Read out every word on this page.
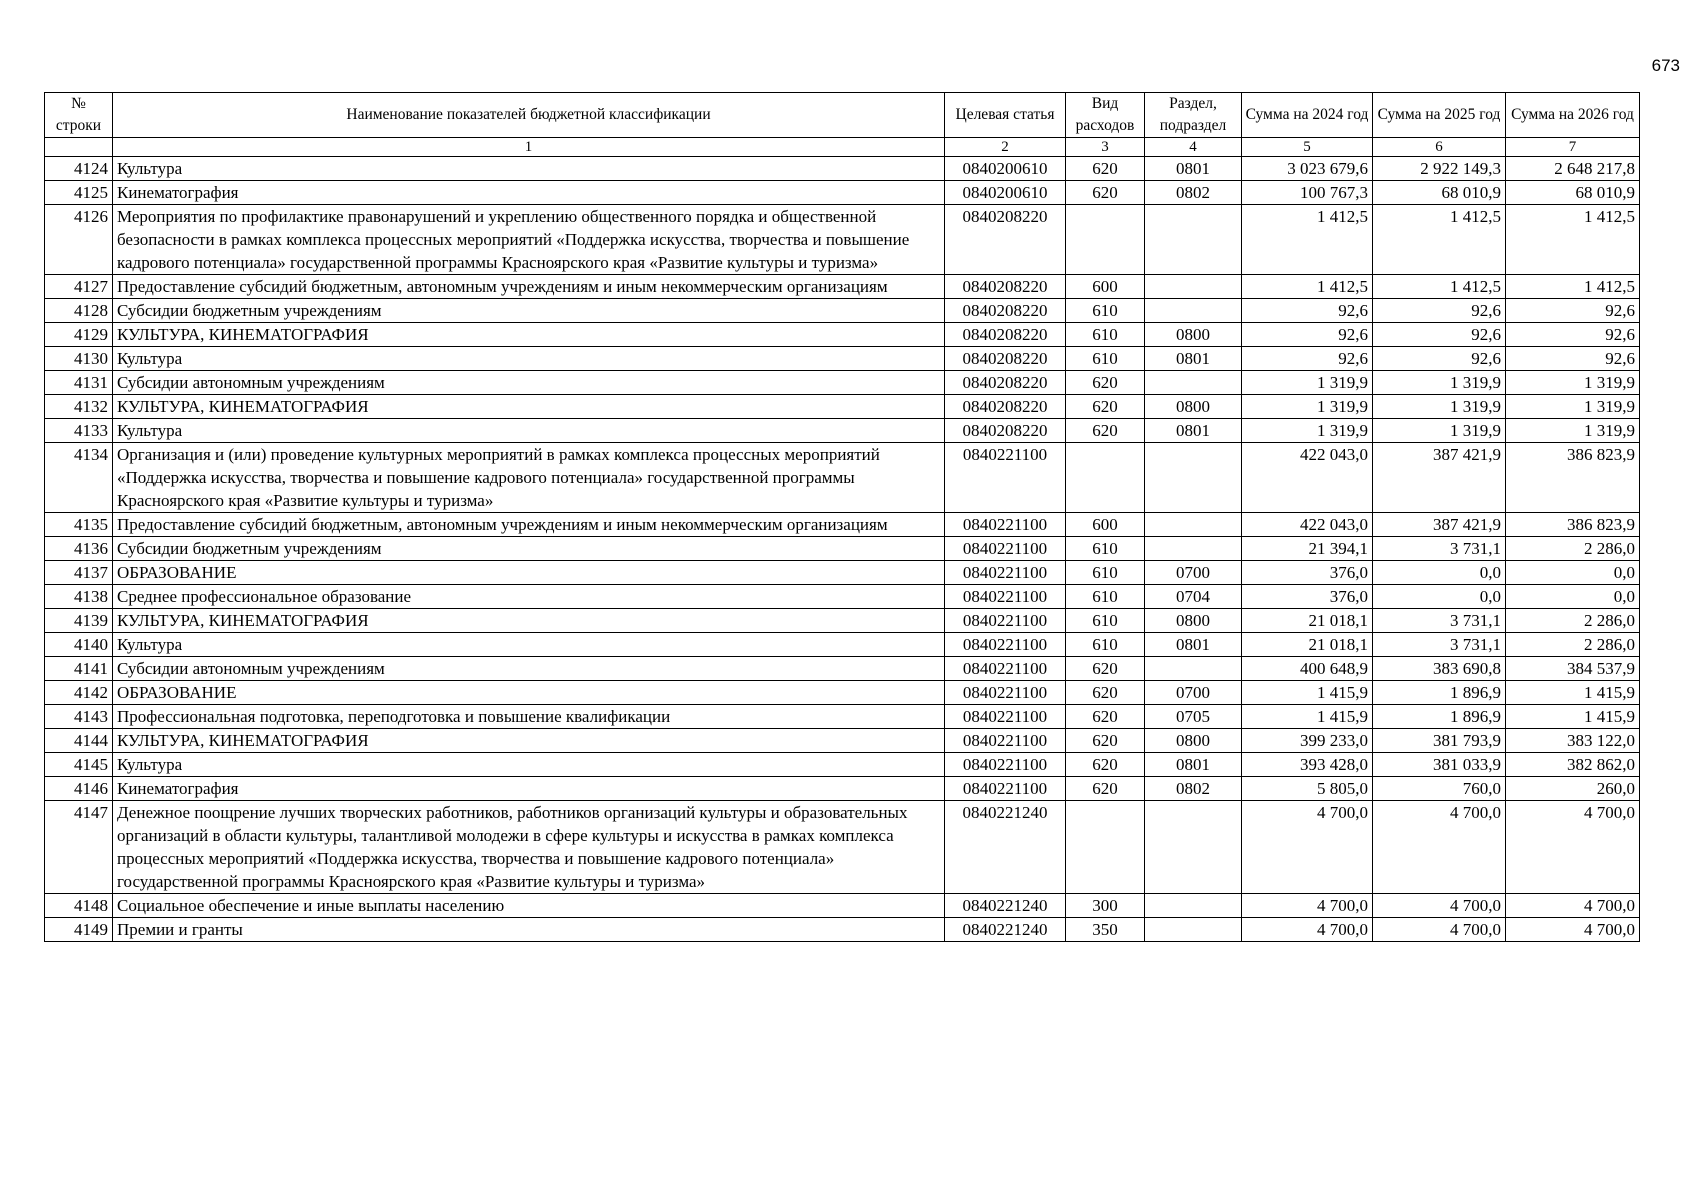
673
№ строки	Наименование показателей бюджетной классификации	Целевая статья	Вид расходов	Раздел, подраздел	Сумма на 2024 год	Сумма на 2025 год	Сумма на 2026 год
	1	2	3	4	5	6	7
4124	Культура	0840200610	620	0801	3 023 679,6	2 922 149,3	2 648 217,8
4125	Кинематография	0840200610	620	0802	100 767,3	68 010,9	68 010,9
4126	Мероприятия по профилактике правонарушений и укреплению общественного порядка и общественной безопасности в рамках комплекса процессных мероприятий «Поддержка искусства, творчества и повышение кадрового потенциала» государственной программы Красноярского края «Развитие культуры и туризма»	0840208220			1 412,5	1 412,5	1 412,5
4127	Предоставление субсидий бюджетным, автономным учреждениям и иным некоммерческим организациям	0840208220	600		1 412,5	1 412,5	1 412,5
4128	Субсидии бюджетным учреждениям	0840208220	610		92,6	92,6	92,6
4129	КУЛЬТУРА, КИНЕМАТОГРАФИЯ	0840208220	610	0800	92,6	92,6	92,6
4130	Культура	0840208220	610	0801	92,6	92,6	92,6
4131	Субсидии автономным учреждениям	0840208220	620		1 319,9	1 319,9	1 319,9
4132	КУЛЬТУРА, КИНЕМАТОГРАФИЯ	0840208220	620	0800	1 319,9	1 319,9	1 319,9
4133	Культура	0840208220	620	0801	1 319,9	1 319,9	1 319,9
4134	Организация и (или) проведение культурных мероприятий в рамках комплекса процессных мероприятий «Поддержка искусства, творчества и повышение кадрового потенциала» государственной программы Красноярского края «Развитие культуры и туризма»	0840221100			422 043,0	387 421,9	386 823,9
4135	Предоставление субсидий бюджетным, автономным учреждениям и иным некоммерческим организациям	0840221100	600		422 043,0	387 421,9	386 823,9
4136	Субсидии бюджетным учреждениям	0840221100	610		21 394,1	3 731,1	2 286,0
4137	ОБРАЗОВАНИЕ	0840221100	610	0700	376,0	0,0	0,0
4138	Среднее профессиональное образование	0840221100	610	0704	376,0	0,0	0,0
4139	КУЛЬТУРА, КИНЕМАТОГРАФИЯ	0840221100	610	0800	21 018,1	3 731,1	2 286,0
4140	Культура	0840221100	610	0801	21 018,1	3 731,1	2 286,0
4141	Субсидии автономным учреждениям	0840221100	620		400 648,9	383 690,8	384 537,9
4142	ОБРАЗОВАНИЕ	0840221100	620	0700	1 415,9	1 896,9	1 415,9
4143	Профессиональная подготовка, переподготовка и повышение квалификации	0840221100	620	0705	1 415,9	1 896,9	1 415,9
4144	КУЛЬТУРА, КИНЕМАТОГРАФИЯ	0840221100	620	0800	399 233,0	381 793,9	383 122,0
4145	Культура	0840221100	620	0801	393 428,0	381 033,9	382 862,0
4146	Кинематография	0840221100	620	0802	5 805,0	760,0	260,0
4147	Денежное поощрение лучших творческих работников, работников организаций культуры и образовательных организаций в области культуры, талантливой молодежи в сфере культуры и искусства в рамках комплекса процессных мероприятий «Поддержка искусства, творчества и повышение кадрового потенциала» государственной программы Красноярского края «Развитие культуры и туризма»	0840221240			4 700,0	4 700,0	4 700,0
4148	Социальное обеспечение и иные выплаты населению	0840221240	300		4 700,0	4 700,0	4 700,0
4149	Премии и гранты	0840221240	350		4 700,0	4 700,0	4 700,0
